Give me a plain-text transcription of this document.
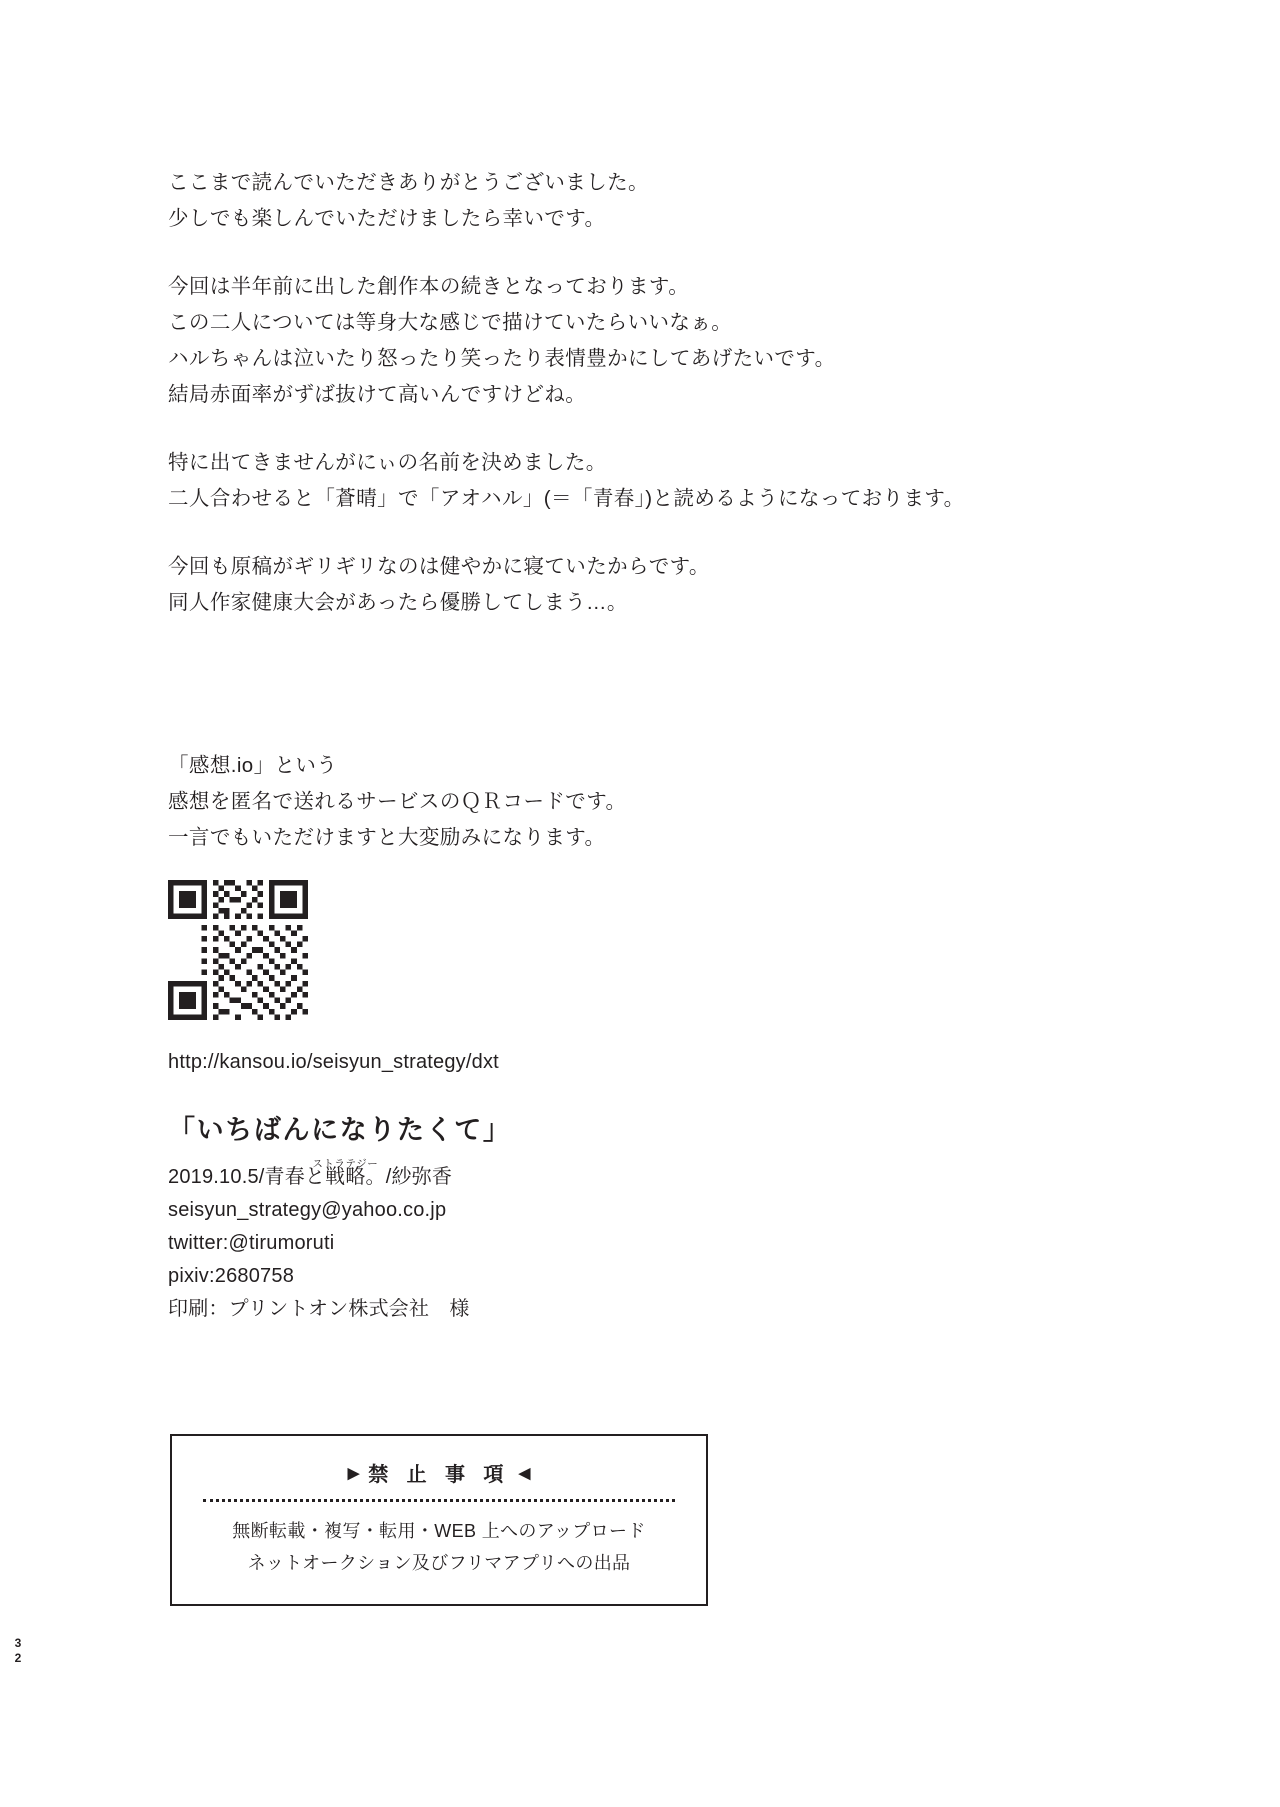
ここまで読んでいただきありがとうございました。
少しでも楽しんでいただけましたら幸いです。
今回は半年前に出した創作本の続きとなっております。
この二人については等身大な感じで描けていたらいいなぁ。
ハルちゃんは泣いたり怒ったり笑ったり表情豊かにしてあげたいです。
結局赤面率がずば抜けて高いんですけどね。
特に出てきませんがにぃの名前を決めました。
二人合わせると「蒼晴」で「アオハル」(＝「青春」)と読めるようになっております。
今回も原稿がギリギリなのは健やかに寝ていたからです。
同人作家健康大会があったら優勝してしまう…。
「感想.io」という
感想を匿名で送れるサービスのＱＲコードです。
一言でもいただけますと大変励みになります。
http://kansou.io/seisyun_strategy/dxt
「いちばんになりたくて」
2019.10.5/青春と
ストラテジー
戦略。/紗弥香
seisyun_strategy@yahoo.co.jp
twitter:@tirumoruti
pixiv:2680758
印刷：プリントオン株式会社　様
▶ 禁 止 事 項 ◀
無断転載・複写・転用・WEB 上へのアップロード
ネットオークション及びフリマアプリへの出品
3
2
